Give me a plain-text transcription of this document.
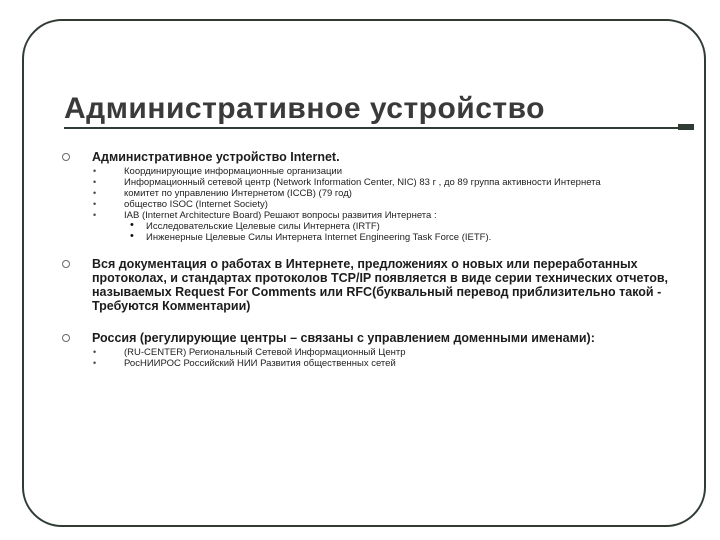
Административное устройство
Административное устройство Internet.
•	Координирующие информационные организации
•	Информационный сетевой центр (Network Information Center, NIC) 83 г , до 89 группа активности Интернета
•	комитет по управлению Интернетом (ICCB) (79 год)
•	общество ISOC (Internet Society)
•	IAB (Internet Architecture Board) Решают вопросы развития Интернета :
• Исследовательские Целевые силы Интернета (IRTF)
• Инженерные Целевые Силы Интернета Internet Engineering Task Force (IETF).
Вся документация о работах в Интернете, предложениях о новых или переработанных протоколах, и стандартах протоколов TCP/IP появляется в виде серии технических отчетов, называемых Request For Comments или RFC(буквальный перевод приблизительно такой - Требуются Комментарии)
Россия (регулирующие центры – связаны с управлением доменными именами):
•	(RU-CENTER) Региональный Сетевой Информационный Центр
•	РосНИИРОС Российский НИИ Развития общественных сетей
